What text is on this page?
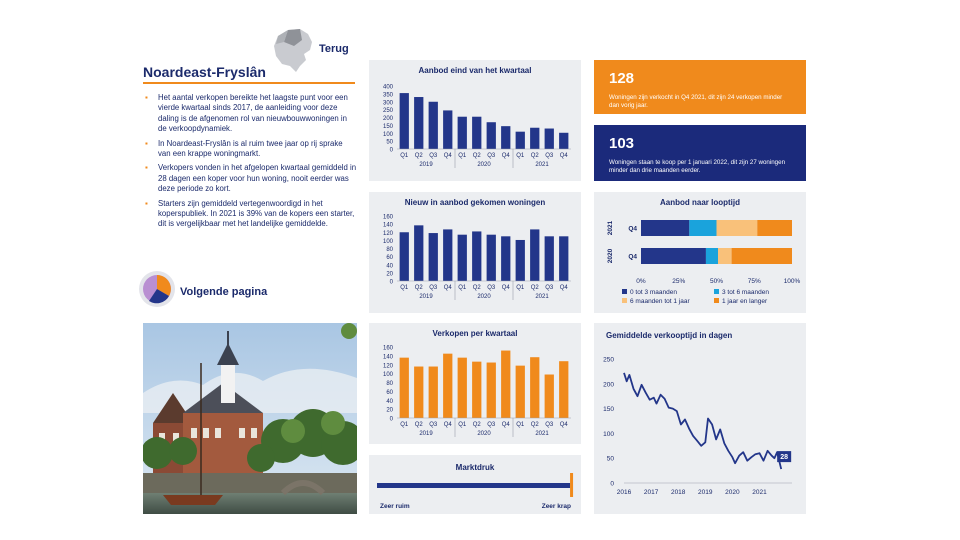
Terug
Noardeast-Fryslân
▪ Het aantal verkopen bereikte het laagste punt voor een vierde kwartaal sinds 2017, de aanleiding voor deze daling is de afgenomen rol van nieuwbouwwoningen in de verkoopdynamiek.
▪ In Noardeast-Fryslân is al ruim twee jaar op rij sprake van een krappe woningmarkt.
▪ Verkopers vonden in het afgelopen kwartaal gemiddeld in 28 dagen een koper voor hun woning, nooit eerder was deze periode zo kort.
▪ Starters zijn gemiddeld vertegenwoordigd in het koperspubliek. In 2021 is 39% van de kopers een starter, dit is vergelijkbaar met het landelijke gemiddelde.
Volgende pagina
Aanbod eind van het kwartaal
0
50
100
150
200
250
300
350
400
Q1 Q2 Q3 Q4 Q1 Q2 Q3 Q4 Q1 Q2 Q3 Q4
2019	2020	2021
Nieuw in aanbod gekomen woningen
0
20
40
60
80
100
120
140
160
Q1 Q2 Q3 Q4 Q1 Q2 Q3 Q4 Q1 Q2 Q3 Q4
2019	2020	2021
Verkopen per kwartaal
0
20
40
60
80
100
120
140
160
Q1 Q2 Q3 Q4 Q1 Q2 Q3 Q4 Q1 Q2 Q3 Q4
2019	2020	2021
Marktdruk
Zeer ruim	Zeer krap
128
Woningen zijn verkocht in Q4 2021, dit zijn 24 verkopen minder dan vorig jaar.
103
Woningen staan te koop per 1 januari 2022, dit zijn 27 woningen minder dan drie maanden eerder.
Aanbod naar looptijd
Q4
2021
Q4
2020
0%	25%	50%	75%	100%
0 tot 3 maanden	3 tot 6 maanden
6 maanden tot 1 jaar	1 jaar en langer
Gemiddelde verkooptijd in dagen
0
50
100
150
200
250
2016 2017 2018 2019 2020 2021
28
